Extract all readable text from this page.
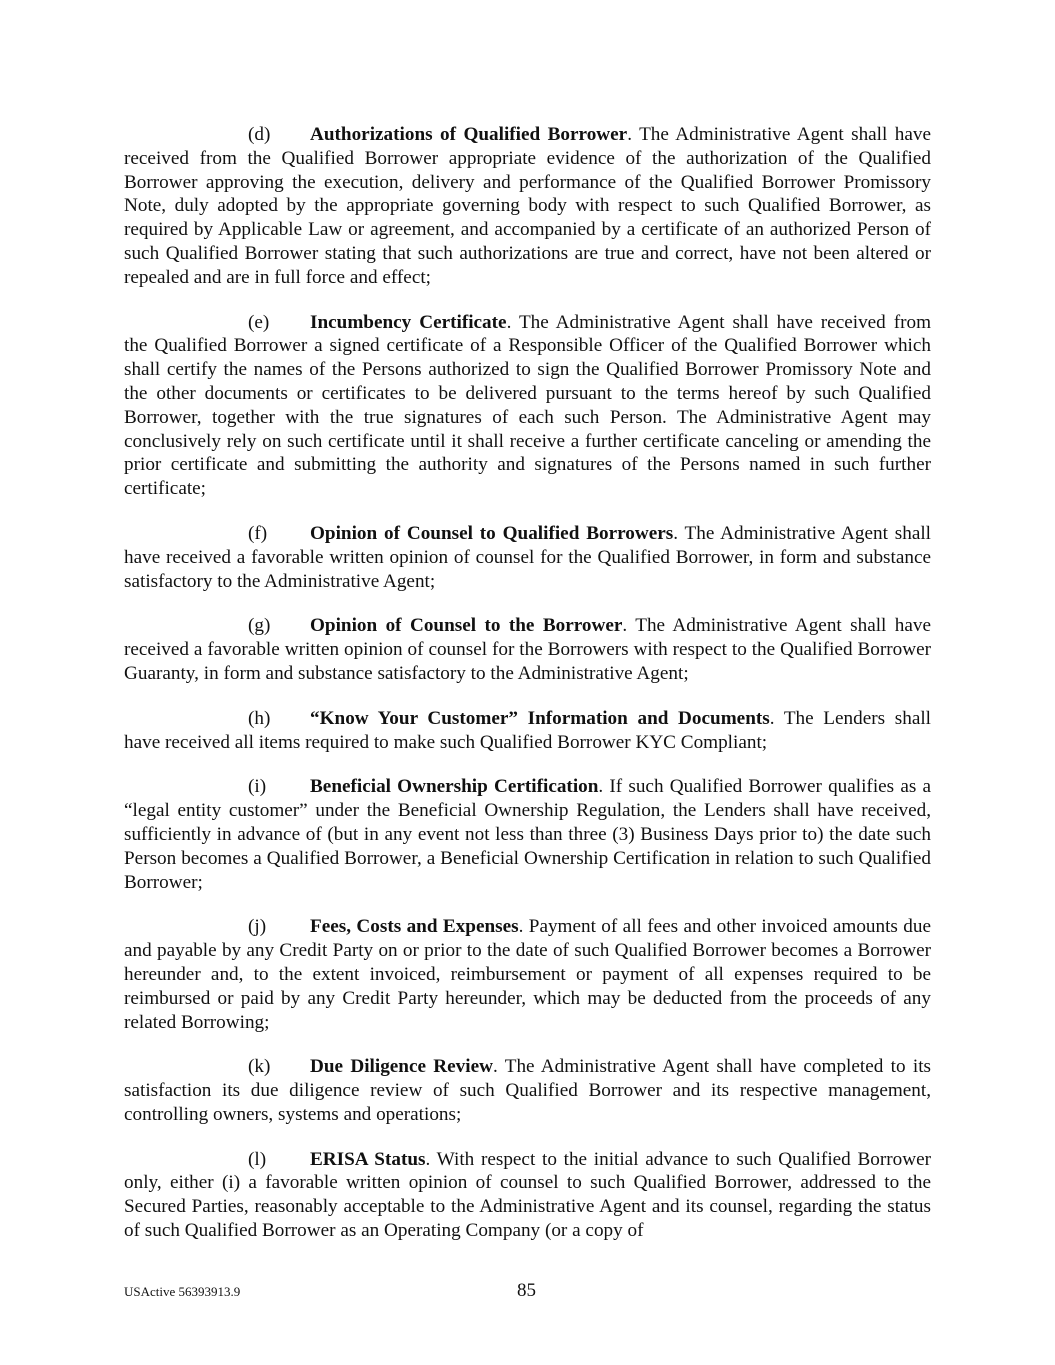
(d) Authorizations of Qualified Borrower. The Administrative Agent shall have received from the Qualified Borrower appropriate evidence of the authorization of the Qualified Borrower approving the execution, delivery and performance of the Qualified Borrower Promissory Note, duly adopted by the appropriate governing body with respect to such Qualified Borrower, as required by Applicable Law or agreement, and accompanied by a certificate of an authorized Person of such Qualified Borrower stating that such authorizations are true and correct, have not been altered or repealed and are in full force and effect;

(e) Incumbency Certificate. The Administrative Agent shall have received from the Qualified Borrower a signed certificate of a Responsible Officer of the Qualified Borrower which shall certify the names of the Persons authorized to sign the Qualified Borrower Promissory Note and the other documents or certificates to be delivered pursuant to the terms hereof by such Qualified Borrower, together with the true signatures of each such Person. The Administrative Agent may conclusively rely on such certificate until it shall receive a further certificate canceling or amending the prior certificate and submitting the authority and signatures of the Persons named in such further certificate;

(f) Opinion of Counsel to Qualified Borrowers. The Administrative Agent shall have received a favorable written opinion of counsel for the Qualified Borrower, in form and substance satisfactory to the Administrative Agent;

(g) Opinion of Counsel to the Borrower. The Administrative Agent shall have received a favorable written opinion of counsel for the Borrowers with respect to the Qualified Borrower Guaranty, in form and substance satisfactory to the Administrative Agent;

(h) “Know Your Customer” Information and Documents. The Lenders shall have received all items required to make such Qualified Borrower KYC Compliant;

(i) Beneficial Ownership Certification. If such Qualified Borrower qualifies as a “legal entity customer” under the Beneficial Ownership Regulation, the Lenders shall have received, sufficiently in advance of (but in any event not less than three (3) Business Days prior to) the date such Person becomes a Qualified Borrower, a Beneficial Ownership Certification in relation to such Qualified Borrower;

(j) Fees, Costs and Expenses. Payment of all fees and other invoiced amounts due and payable by any Credit Party on or prior to the date of such Qualified Borrower becomes a Borrower hereunder and, to the extent invoiced, reimbursement or payment of all expenses required to be reimbursed or paid by any Credit Party hereunder, which may be deducted from the proceeds of any related Borrowing;

(k) Due Diligence Review. The Administrative Agent shall have completed to its satisfaction its due diligence review of such Qualified Borrower and its respective management, controlling owners, systems and operations;

(l) ERISA Status. With respect to the initial advance to such Qualified Borrower only, either (i) a favorable written opinion of counsel to such Qualified Borrower, addressed to the Secured Parties, reasonably acceptable to the Administrative Agent and its counsel, regarding the status of such Qualified Borrower as an Operating Company (or a copy of

USActive 56393913.9	85
